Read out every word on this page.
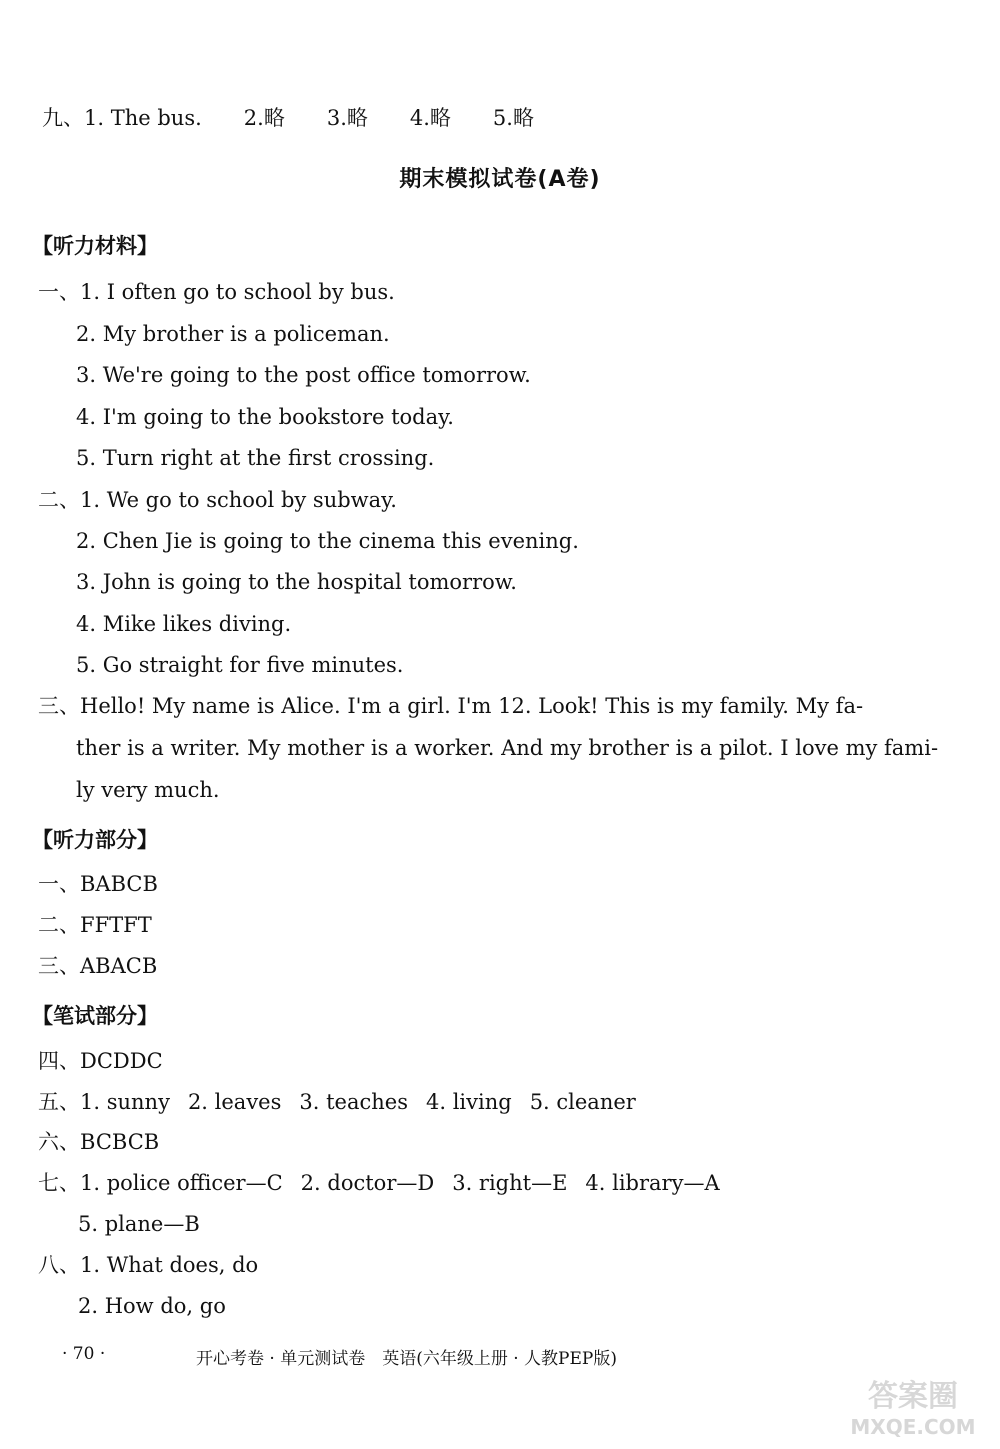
九、1. The bus. 2.略 3.略 4.略 5.略
期末模拟试卷(A卷)
【听力材料】
一、1. I often go to school by bus.
2. My brother is a policeman.
3. We're going to the post office tomorrow.
4. I'm going to the bookstore today.
5. Turn right at the first crossing.
二、1. We go to school by subway.
2. Chen Jie is going to the cinema this evening.
3. John is going to the hospital tomorrow.
4. Mike likes diving.
5. Go straight for five minutes.
三、Hello! My name is Alice. I'm a girl. I'm 12. Look! This is my family. My fa-
ther is a writer. My mother is a worker. And my brother is a pilot. I love my fami-
ly very much.
【听力部分】
一、BABCB
二、FFTFT
三、ABACB
【笔试部分】
四、DCDDC
五、1. sunny 2. leaves 3. teaches 4. living 5. cleaner
六、BCBCB
七、1. police officer—C 2. doctor—D 3. right—E 4. library—A
5. plane—B
八、1. What does, do
2. How do, go
· 70 ·	开心考卷 · 单元测试卷　英语(六年级上册 · 人教PEP版)
答案圈
MXQE.COM
